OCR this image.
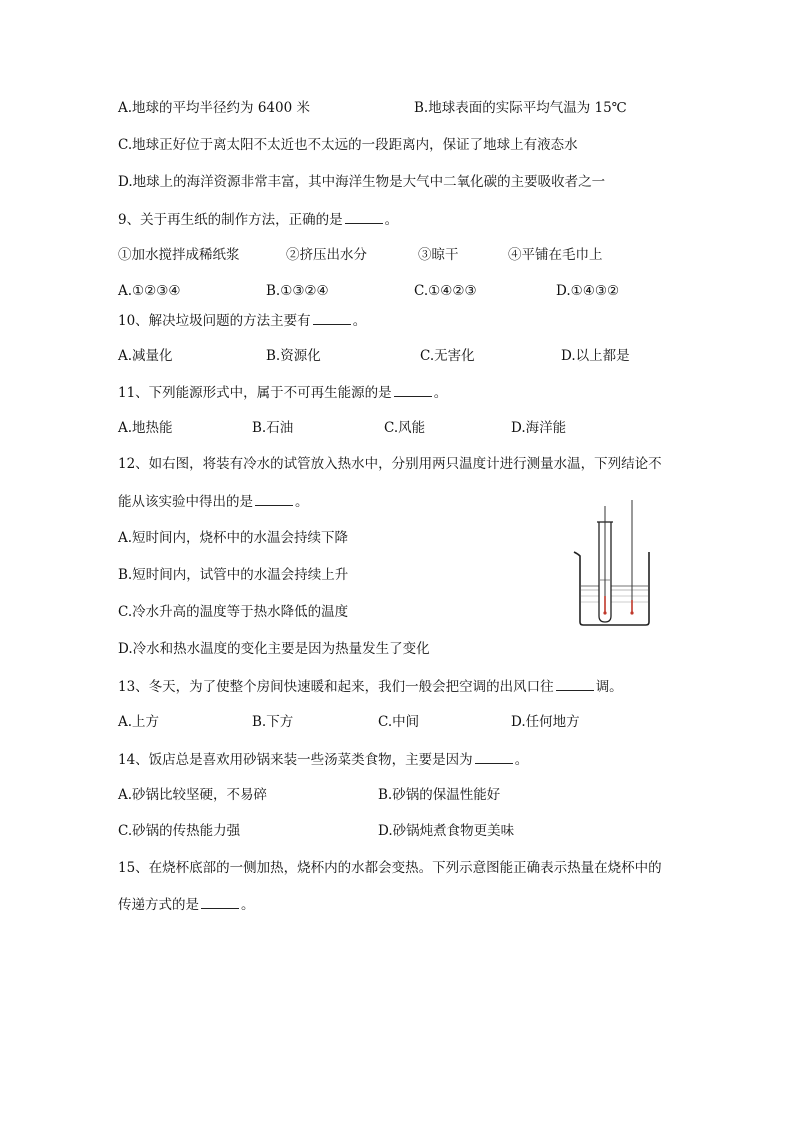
A.地球的平均半径约为 6400 米	B.地球表面的实际平均气温为 15℃
C.地球正好位于离太阳不太近也不太远的一段距离内，保证了地球上有液态水
D.地球上的海洋资源非常丰富，其中海洋生物是大气中二氧化碳的主要吸收者之一
9、关于再生纸的制作方法，正确的是	。
①加水搅拌成稀纸浆	②挤压出水分	③晾干	④平铺在毛巾上
A.①②③④	B.①③②④	C.①④②③	D.①④③②
10、解决垃圾问题的方法主要有	。
A.减量化	B.资源化	C.无害化	D.以上都是
11、下列能源形式中，属于不可再生能源的是	。
A.地热能	B.石油	C.风能	D.海洋能
12、如右图，将装有冷水的试管放入热水中，分别用两只温度计进行测量水温，下列结论不
能从该实验中得出的是	。
A.短时间内，烧杯中的水温会持续下降
B.短时间内，试管中的水温会持续上升
C.冷水升高的温度等于热水降低的温度
D.冷水和热水温度的变化主要是因为热量发生了变化
13、冬天，为了使整个房间快速暖和起来，我们一般会把空调的出风口往	调。
A.上方	B.下方	C.中间	D.任何地方
14、饭店总是喜欢用砂锅来装一些汤菜类食物，主要是因为	。
A.砂锅比较坚硬，不易碎	B.砂锅的保温性能好
C.砂锅的传热能力强	D.砂锅炖煮食物更美味
15、在烧杯底部的一侧加热，烧杯内的水都会变热。下列示意图能正确表示热量在烧杯中的
传递方式的是	。
